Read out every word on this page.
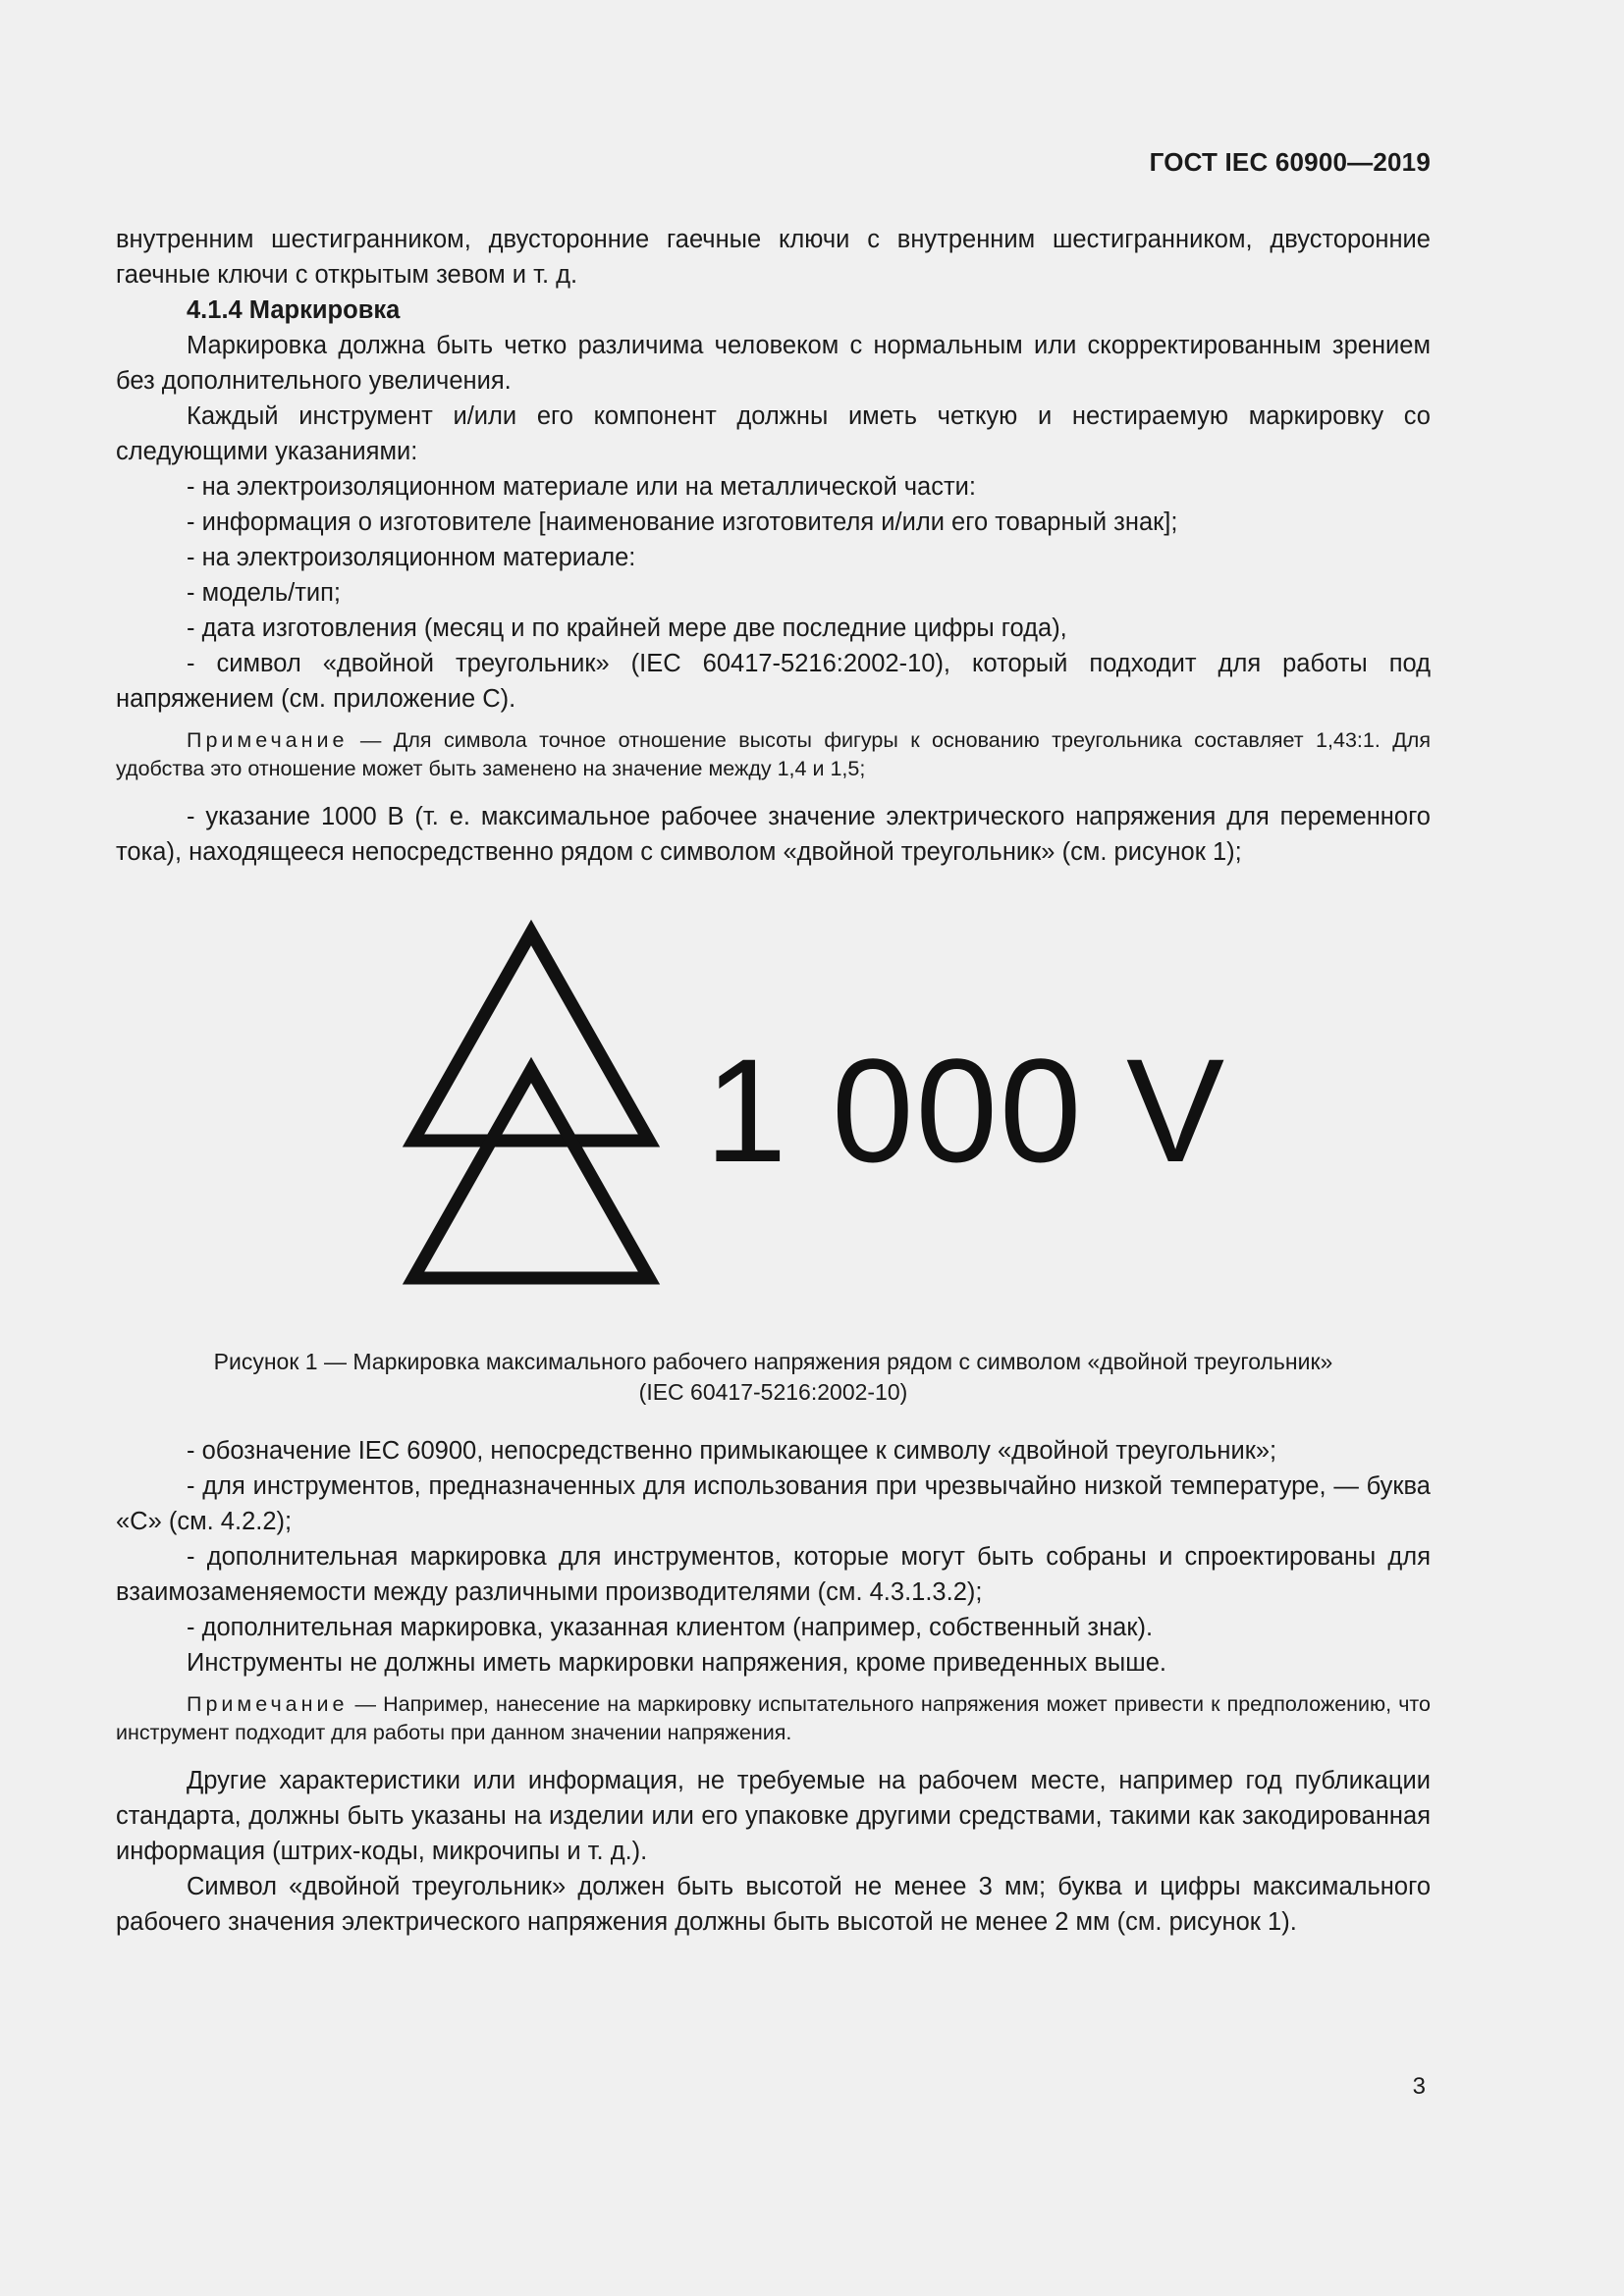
ГОСТ IEC 60900—2019

внутренним шестигранником, двусторонние гаечные ключи с внутренним шестигранником, двусторонние гаечные ключи с открытым зевом и т. д.

4.1.4 Маркировка

Маркировка должна быть четко различима человеком с нормальным или скорректированным зрением без дополнительного увеличения.

Каждый инструмент и/или его компонент должны иметь четкую и нестираемую маркировку со следующими указаниями:

- на электроизоляционном материале или на металлической части:

- информация о изготовителе [наименование изготовителя и/или его товарный знак];

- на электроизоляционном материале:

- модель/тип;

- дата изготовления (месяц и по крайней мере две последние цифры года),

- символ «двойной треугольник» (IEC 60417-5216:2002-10), который подходит для работы под напряжением (см. приложение С).

Примечание — Для символа точное отношение высоты фигуры к основанию треугольника составляет 1,43:1. Для удобства это отношение может быть заменено на значение между 1,4 и 1,5;

- указание 1000 В (т. е. максимальное рабочее значение электрического напряжения для переменного тока), находящееся непосредственно рядом с символом «двойной треугольник» (см. рисунок 1);

1 000 V

Рисунок 1 — Маркировка максимального рабочего напряжения рядом с символом «двойной треугольник»
(IEC 60417-5216:2002-10)

- обозначение IEC 60900, непосредственно примыкающее к символу «двойной треугольник»;

- для инструментов, предназначенных для использования при чрезвычайно низкой температуре, — буква «С» (см. 4.2.2);

- дополнительная маркировка для инструментов, которые могут быть собраны и спроектированы для взаимозаменяемости между различными производителями (см. 4.3.1.3.2);

- дополнительная маркировка, указанная клиентом (например, собственный знак).

Инструменты не должны иметь маркировки напряжения, кроме приведенных выше.

Примечание — Например, нанесение на маркировку испытательного напряжения может привести к предположению, что инструмент подходит для работы при данном значении напряжения.

Другие характеристики или информация, не требуемые на рабочем месте, например год публикации стандарта, должны быть указаны на изделии или его упаковке другими средствами, такими как закодированная информация (штрих-коды, микрочипы и т. д.).

Символ «двойной треугольник» должен быть высотой не менее 3 мм; буква и цифры максимального рабочего значения электрического напряжения должны быть высотой не менее 2 мм (см. рисунок 1).

3
